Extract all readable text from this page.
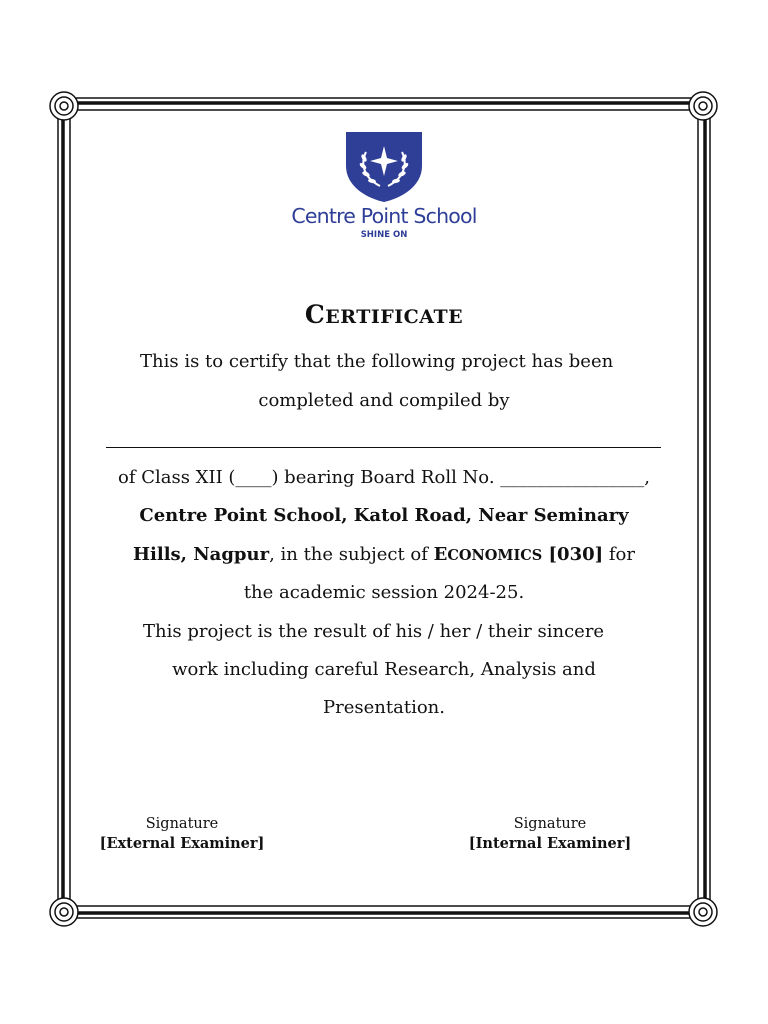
Centre Point School
SHINE ON
CERTIFICATE
This is to certify that the following project has been
completed and compiled by
of Class XII (____) bearing Board Roll No. ________________,
Centre Point School, Katol Road, Near Seminary
Hills, Nagpur, in the subject of ECONOMICS [030] for
the academic session 2024-25.
This project is the result of his / her / their sincere
work including careful Research, Analysis and
Presentation.
Signature
[External Examiner]
Signature
[Internal Examiner]
